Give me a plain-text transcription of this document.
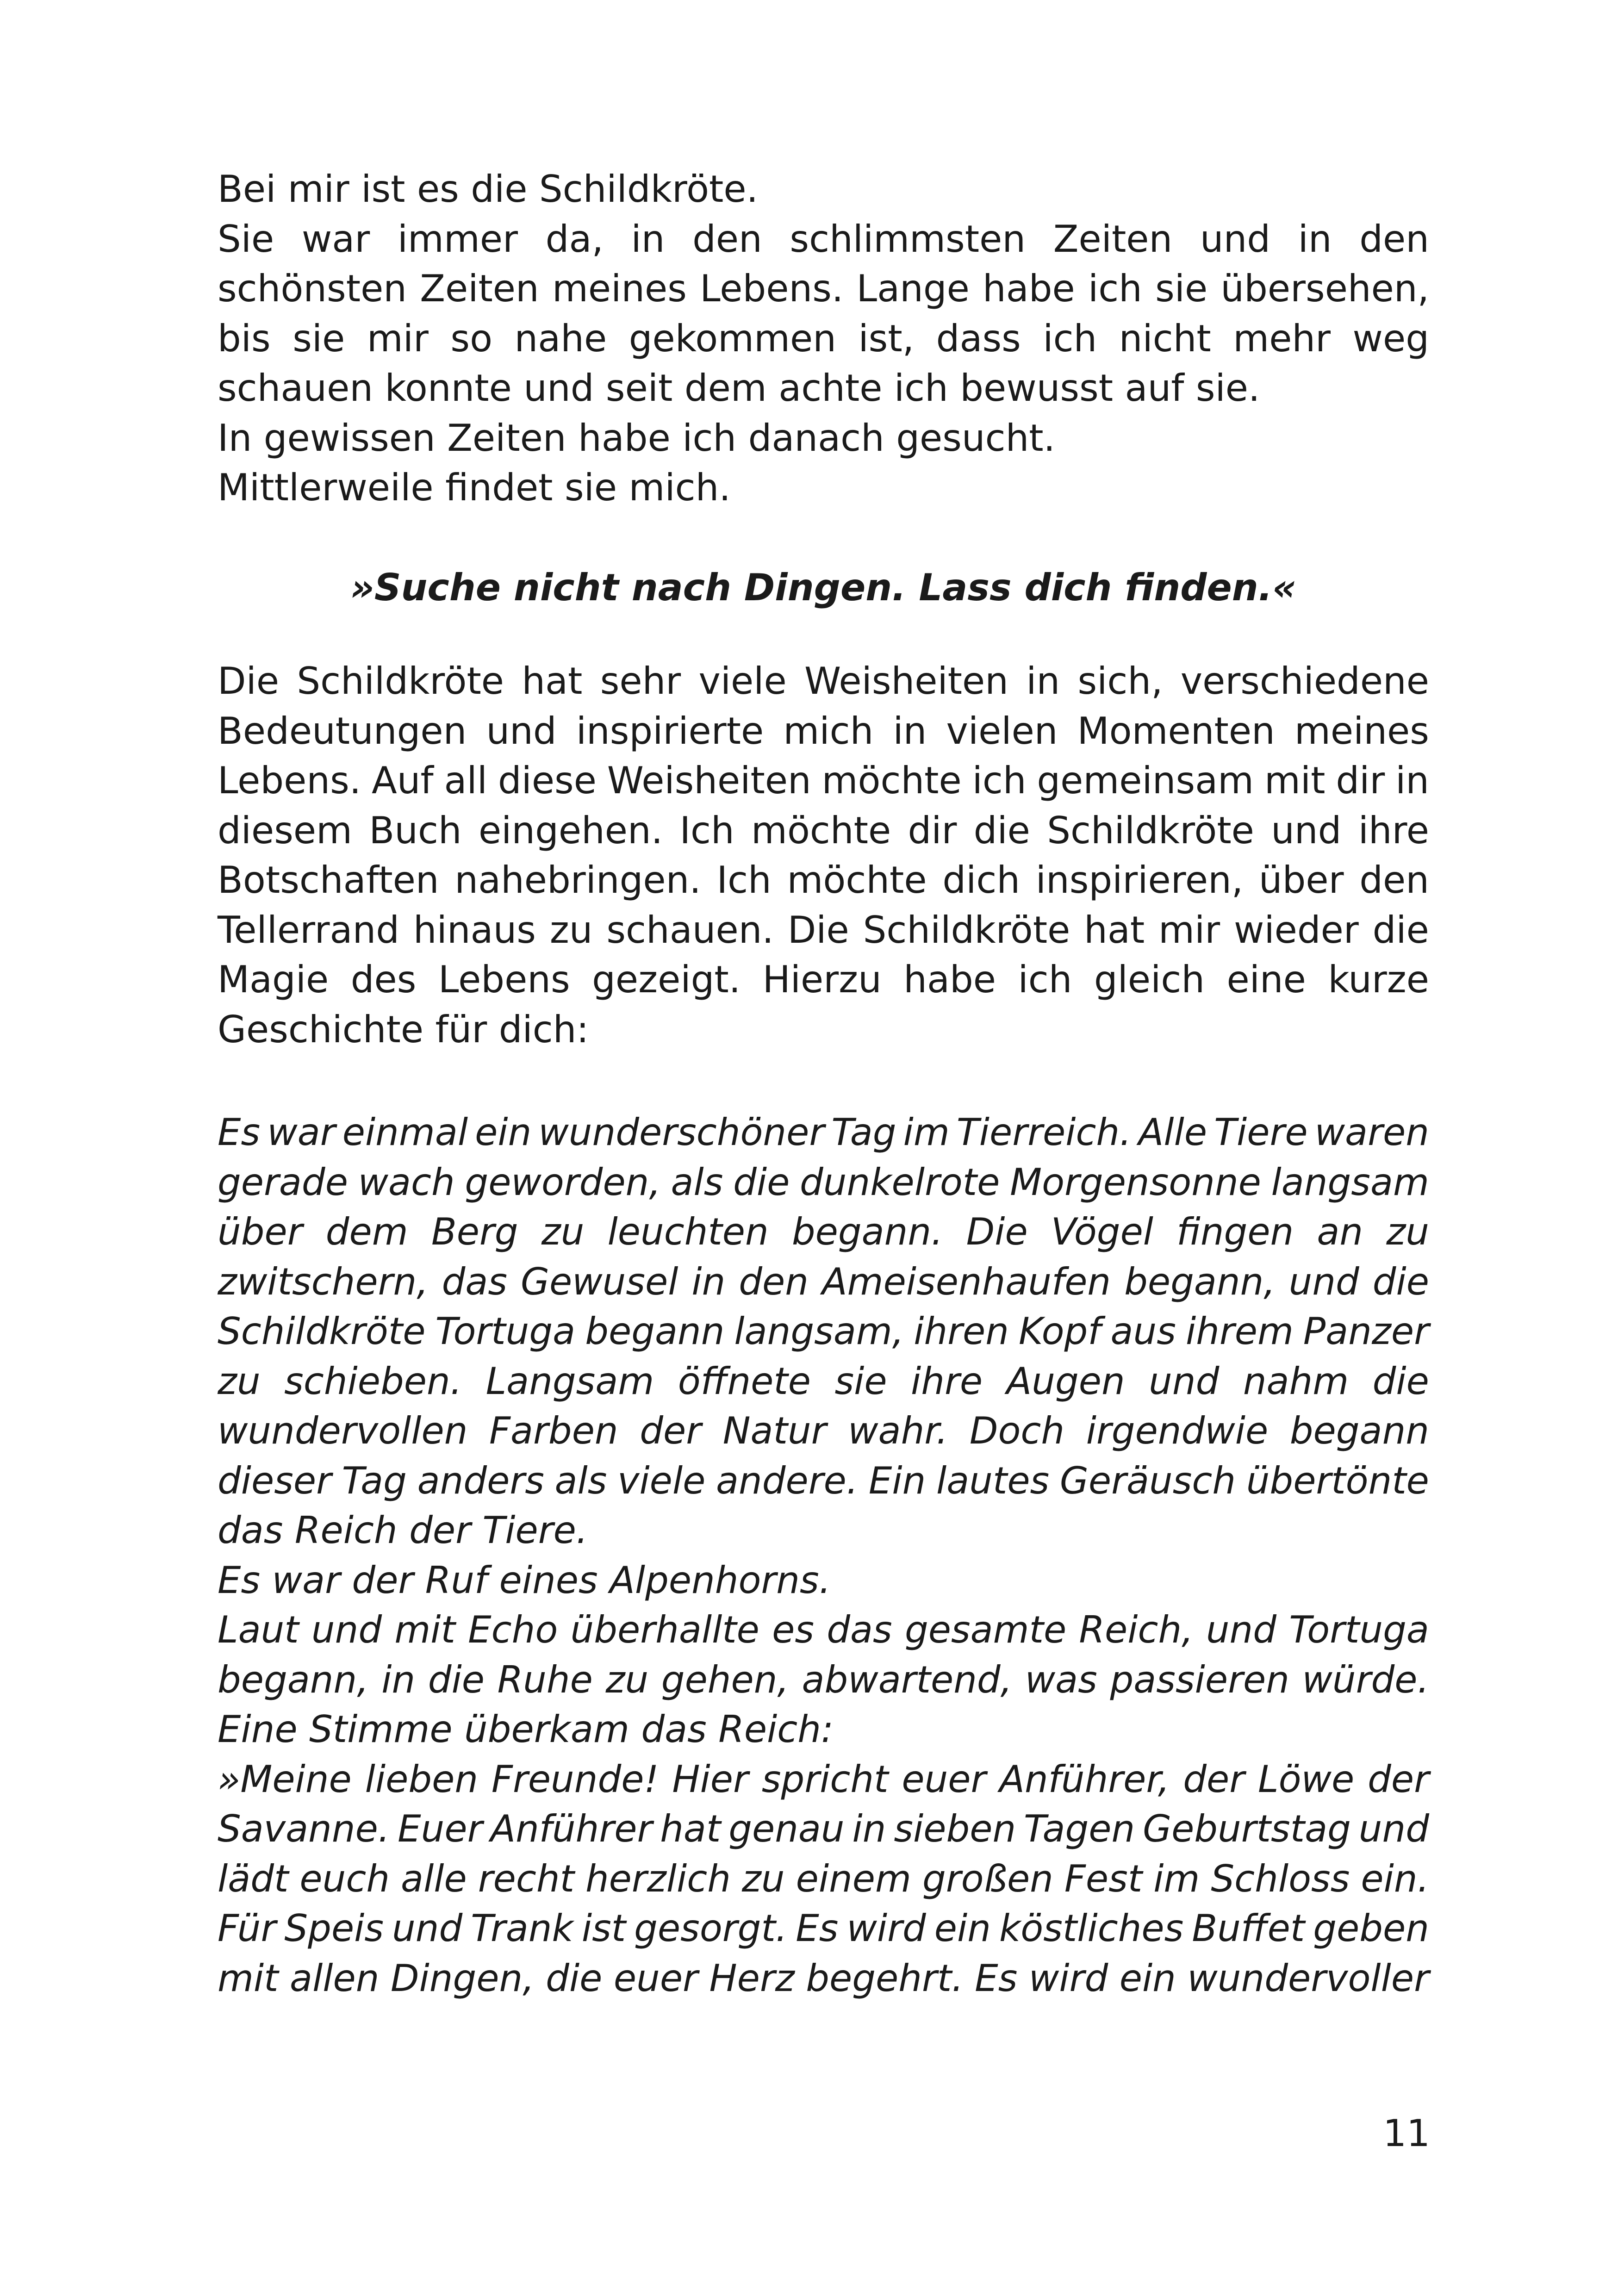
Bei mir ist es die Schildkröte.
Sie war immer da, in den schlimmsten Zeiten und in den
schönsten Zeiten meines Lebens. Lange habe ich sie übersehen,
bis sie mir so nahe gekommen ist, dass ich nicht mehr weg
schauen konnte und seit dem achte ich bewusst auf sie.
In gewissen Zeiten habe ich danach gesucht.
Mittlerweile findet sie mich.
»Suche nicht nach Dingen. Lass dich finden.«
Die Schildkröte hat sehr viele Weisheiten in sich, verschiedene
Bedeutungen und inspirierte mich in vielen Momenten meines
Lebens. Auf all diese Weisheiten möchte ich gemeinsam mit dir in
diesem Buch eingehen. Ich möchte dir die Schildkröte und ihre
Botschaften nahebringen. Ich möchte dich inspirieren, über den
Tellerrand hinaus zu schauen. Die Schildkröte hat mir wieder die
Magie des Lebens gezeigt. Hierzu habe ich gleich eine kurze
Geschichte für dich:
Es war einmal ein wunderschöner Tag im Tierreich. Alle Tiere waren
gerade wach geworden, als die dunkelrote Morgensonne langsam
über dem Berg zu leuchten begann. Die Vögel fingen an zu
zwitschern, das Gewusel in den Ameisenhaufen begann, und die
Schildkröte Tortuga begann langsam, ihren Kopf aus ihrem Panzer
zu schieben. Langsam öffnete sie ihre Augen und nahm die
wundervollen Farben der Natur wahr. Doch irgendwie begann
dieser Tag anders als viele andere. Ein lautes Geräusch übertönte
das Reich der Tiere.
Es war der Ruf eines Alpenhorns.
Laut und mit Echo überhallte es das gesamte Reich, und Tortuga
begann, in die Ruhe zu gehen, abwartend, was passieren würde.
Eine Stimme überkam das Reich:
»Meine lieben Freunde! Hier spricht euer Anführer, der Löwe der
Savanne. Euer Anführer hat genau in sieben Tagen Geburtstag und
lädt euch alle recht herzlich zu einem großen Fest im Schloss ein.
Für Speis und Trank ist gesorgt. Es wird ein köstliches Buffet geben
mit allen Dingen, die euer Herz begehrt. Es wird ein wundervoller
11
